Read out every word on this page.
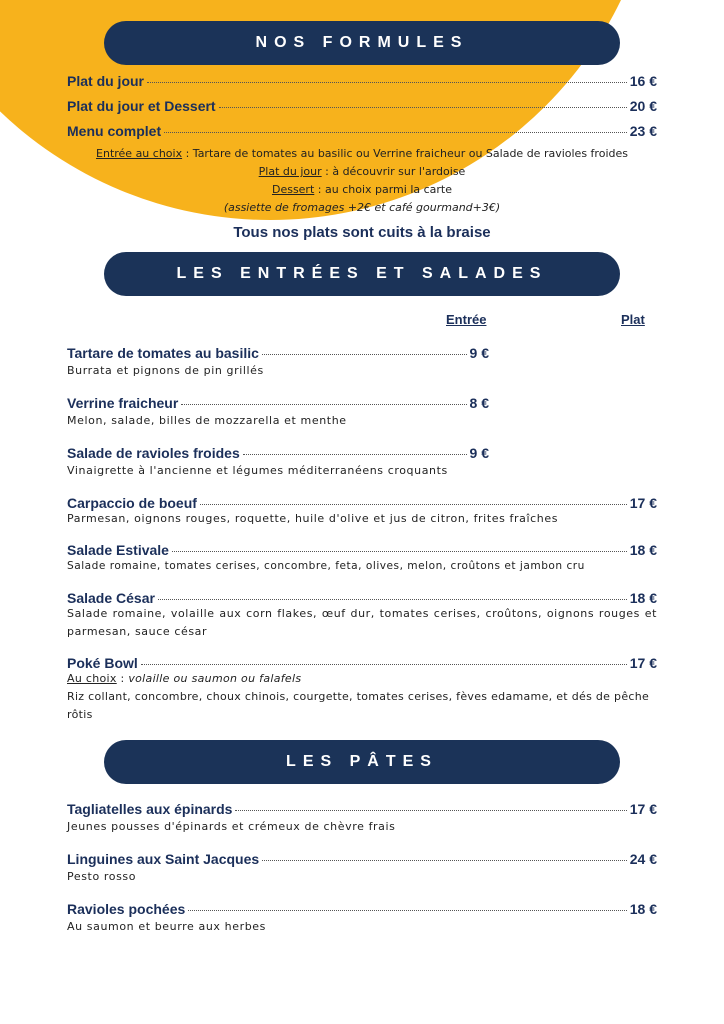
NOS FORMULES
Plat du jour	16 €
Plat du jour et Dessert	20 €
Menu complet	23 €
Entrée au choix : Tartare de tomates au basilic ou Verrine fraicheur ou Salade de ravioles froides
Plat du jour : à découvrir sur l'ardoise
Dessert : au choix parmi la carte
(assiette de fromages +2€ et café gourmand+3€)
Tous nos plats sont cuits à la braise
LES ENTRÉES ET SALADES
Entrée	Plat
Tartare de tomates au basilic	9 €
Burrata et pignons de pin grillés
Verrine fraicheur	8 €
Melon, salade, billes de mozzarella et menthe
Salade de ravioles froides	9 €
Vinaigrette à l'ancienne et légumes méditerranéens croquants
Carpaccio de boeuf	17 €
Parmesan, oignons rouges, roquette, huile d'olive et jus de citron, frites fraîches
Salade Estivale	18 €
Salade romaine, tomates cerises, concombre, feta, olives, melon, croûtons et jambon cru
Salade César	18 €
Salade romaine, volaille aux corn flakes, œuf dur, tomates cerises, croûtons, oignons rouges et parmesan, sauce césar
Poké Bowl	17 €
Au choix : volaille ou saumon ou falafels
Riz collant, concombre, choux chinois, courgette, tomates cerises, fèves edamame, et dés de pêche rôtis
LES PÂTES
Tagliatelles aux épinards	17 €
Jeunes pousses d'épinards et crémeux de chèvre frais
Linguines aux Saint Jacques	24 €
Pesto rosso
Ravioles pochées	18 €
Au saumon et beurre aux herbes
